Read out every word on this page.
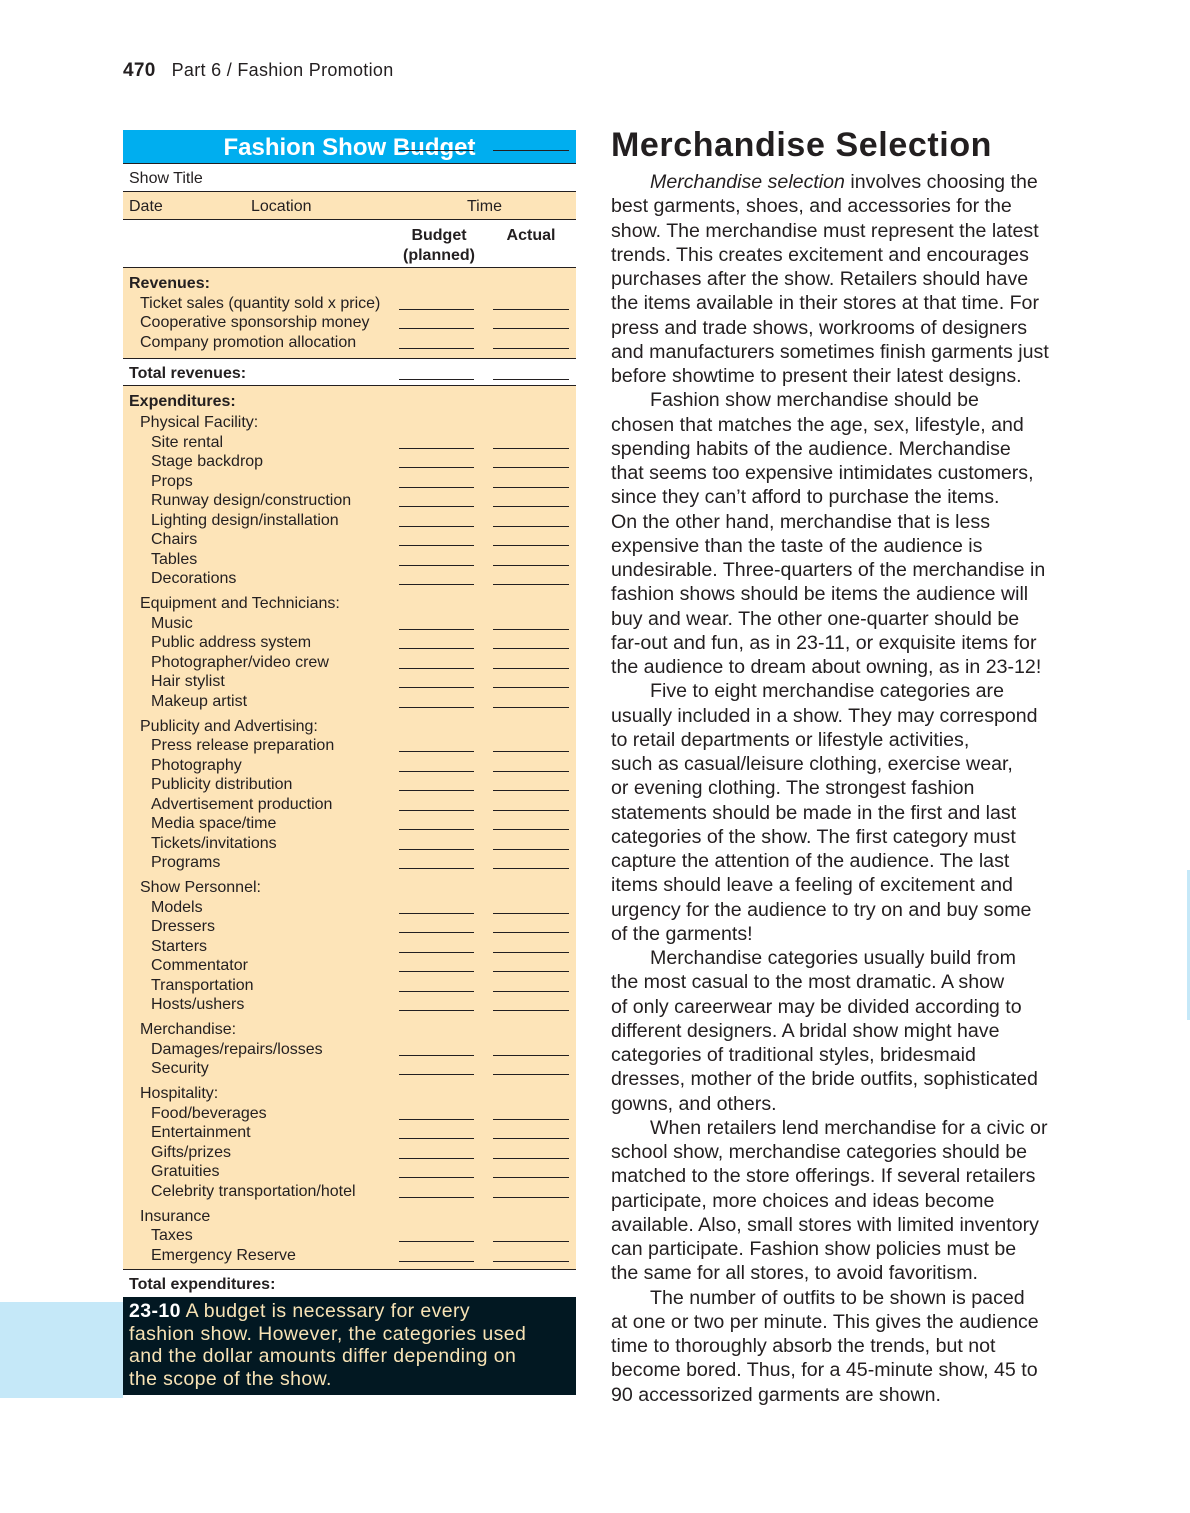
470 Part 6 / Fashion Promotion
Fashion Show Budget
Show Title
Date	Location	Time
Budget
(planned)
Actual
Revenues:
Ticket sales (quantity sold x price)
Cooperative sponsorship money
Company promotion allocation
Total revenues:
Expenditures:
Physical Facility:
Site rental
Stage backdrop
Props
Runway design/construction
Lighting design/installation
Chairs
Tables
Decorations
Equipment and Technicians:
Music
Public address system
Photographer/video crew
Hair stylist
Makeup artist
Publicity and Advertising:
Press release preparation
Photography
Publicity distribution
Advertisement production
Media space/time
Tickets/invitations
Programs
Show Personnel:
Models
Dressers
Starters
Commentator
Transportation
Hosts/ushers
Merchandise:
Damages/repairs/losses
Security
Hospitality:
Food/beverages
Entertainment
Gifts/prizes
Gratuities
Celebrity transportation/hotel
Insurance
Taxes
Emergency Reserve
Total expenditures:
23-10 A budget is necessary for every
fashion show. However, the categories used
and the dollar amounts differ depending on
the scope of the show.
Merchandise Selection
Merchandise selection involves choosing the
best garments, shoes, and accessories for the
show. The merchandise must represent the latest
trends. This creates excitement and encourages
purchases after the show. Retailers should have
the items available in their stores at that time. For
press and trade shows, workrooms of designers
and manufacturers sometimes finish garments just
before showtime to present their latest designs.
Fashion show merchandise should be
chosen that matches the age, sex, lifestyle, and
spending habits of the audience. Merchandise
that seems too expensive intimidates customers,
since they can’t afford to purchase the items.
On the other hand, merchandise that is less
expensive than the taste of the audience is
undesirable. Three-quarters of the merchandise in
fashion shows should be items the audience will
buy and wear. The other one-quarter should be
far-out and fun, as in 23-11, or exquisite items for
the audience to dream about owning, as in 23-12!
Five to eight merchandise categories are
usually included in a show. They may correspond
to retail departments or lifestyle activities,
such as casual/leisure clothing, exercise wear,
or evening clothing. The strongest fashion
statements should be made in the first and last
categories of the show. The first category must
capture the attention of the audience. The last
items should leave a feeling of excitement and
urgency for the audience to try on and buy some
of the garments!
Merchandise categories usually build from
the most casual to the most dramatic. A show
of only careerwear may be divided according to
different designers. A bridal show might have
categories of traditional styles, bridesmaid
dresses, mother of the bride outfits, sophisticated
gowns, and others.
When retailers lend merchandise for a civic or
school show, merchandise categories should be
matched to the store offerings. If several retailers
participate, more choices and ideas become
available. Also, small stores with limited inventory
can participate. Fashion show policies must be
the same for all stores, to avoid favoritism.
The number of outfits to be shown is paced
at one or two per minute. This gives the audience
time to thoroughly absorb the trends, but not
become bored. Thus, for a 45-minute show, 45 to
90 accessorized garments are shown.
